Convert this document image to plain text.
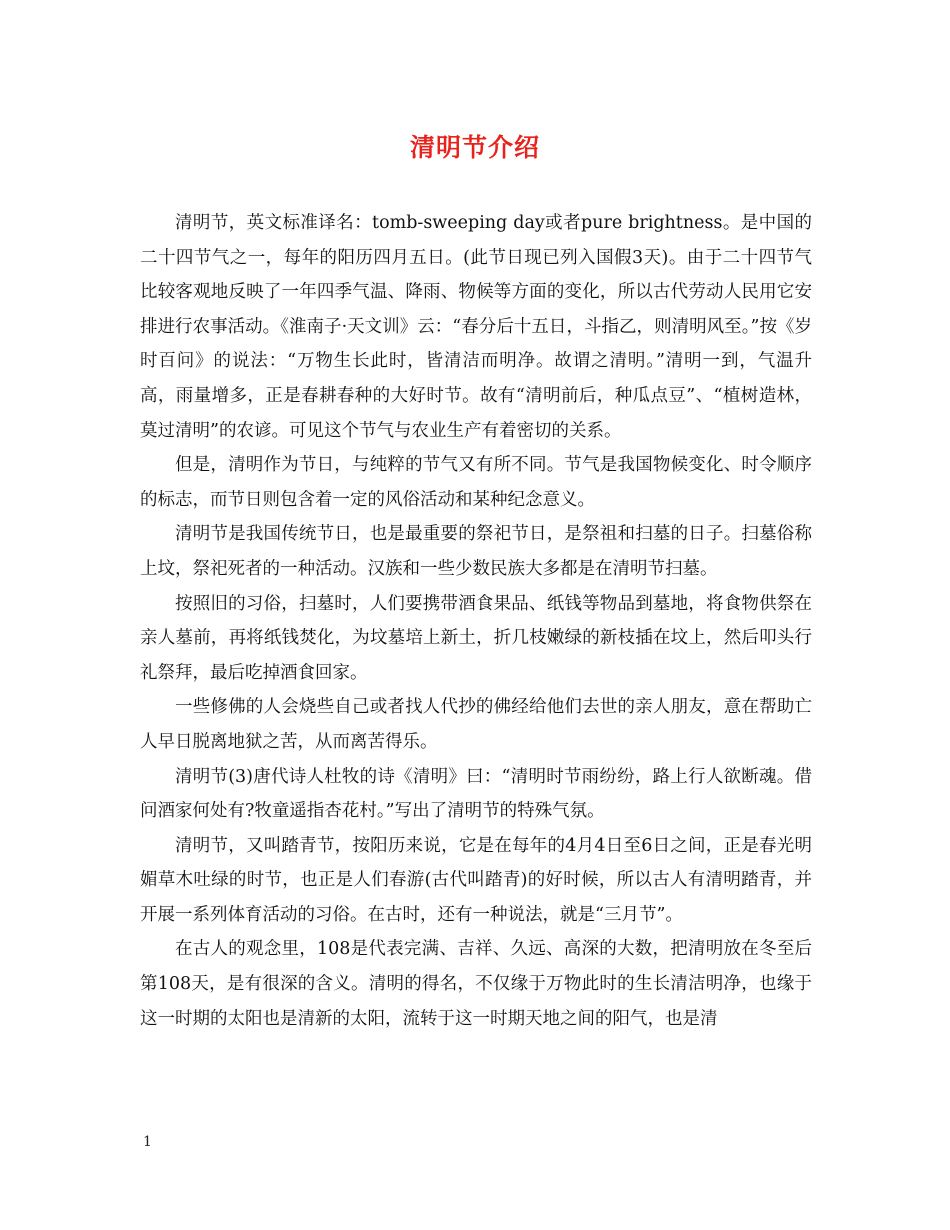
清明节介绍

清明节，英文标准译名：tomb-sweeping day或者pure brightness。是中国的二十四节气之一，每年的阳历四月五日。(此节日现已列入国假3天)。由于二十四节气比较客观地反映了一年四季气温、降雨、物候等方面的变化，所以古代劳动人民用它安排进行农事活动。《淮南子·天文训》云：“春分后十五日，斗指乙，则清明风至。”按《岁时百问》的说法：“万物生长此时，皆清洁而明净。故谓之清明。”清明一到，气温升高，雨量增多，正是春耕春种的大好时节。故有“清明前后，种瓜点豆”、“植树造林，莫过清明”的农谚。可见这个节气与农业生产有着密切的关系。

但是，清明作为节日，与纯粹的节气又有所不同。节气是我国物候变化、时令顺序的标志，而节日则包含着一定的风俗活动和某种纪念意义。

清明节是我国传统节日，也是最重要的祭祀节日，是祭祖和扫墓的日子。扫墓俗称上坟，祭祀死者的一种活动。汉族和一些少数民族大多都是在清明节扫墓。

按照旧的习俗，扫墓时，人们要携带酒食果品、纸钱等物品到墓地，将食物供祭在亲人墓前，再将纸钱焚化，为坟墓培上新土，折几枝嫩绿的新枝插在坟上，然后叩头行礼祭拜，最后吃掉酒食回家。

一些修佛的人会烧些自己或者找人代抄的佛经给他们去世的亲人朋友，意在帮助亡人早日脱离地狱之苦，从而离苦得乐。

清明节(3)唐代诗人杜牧的诗《清明》曰：“清明时节雨纷纷，路上行人欲断魂。借问酒家何处有?牧童遥指杏花村。”写出了清明节的特殊气氛。

清明节，又叫踏青节，按阳历来说，它是在每年的4月4日至6日之间，正是春光明媚草木吐绿的时节，也正是人们春游(古代叫踏青)的好时候，所以古人有清明踏青，并开展一系列体育活动的习俗。在古时，还有一种说法，就是“三月节”。

在古人的观念里，108是代表完满、吉祥、久远、高深的大数，把清明放在冬至后第108天，是有很深的含义。清明的得名，不仅缘于万物此时的生长清洁明净，也缘于这一时期的太阳也是清新的太阳，流转于这一时期天地之间的阳气，也是清

1
